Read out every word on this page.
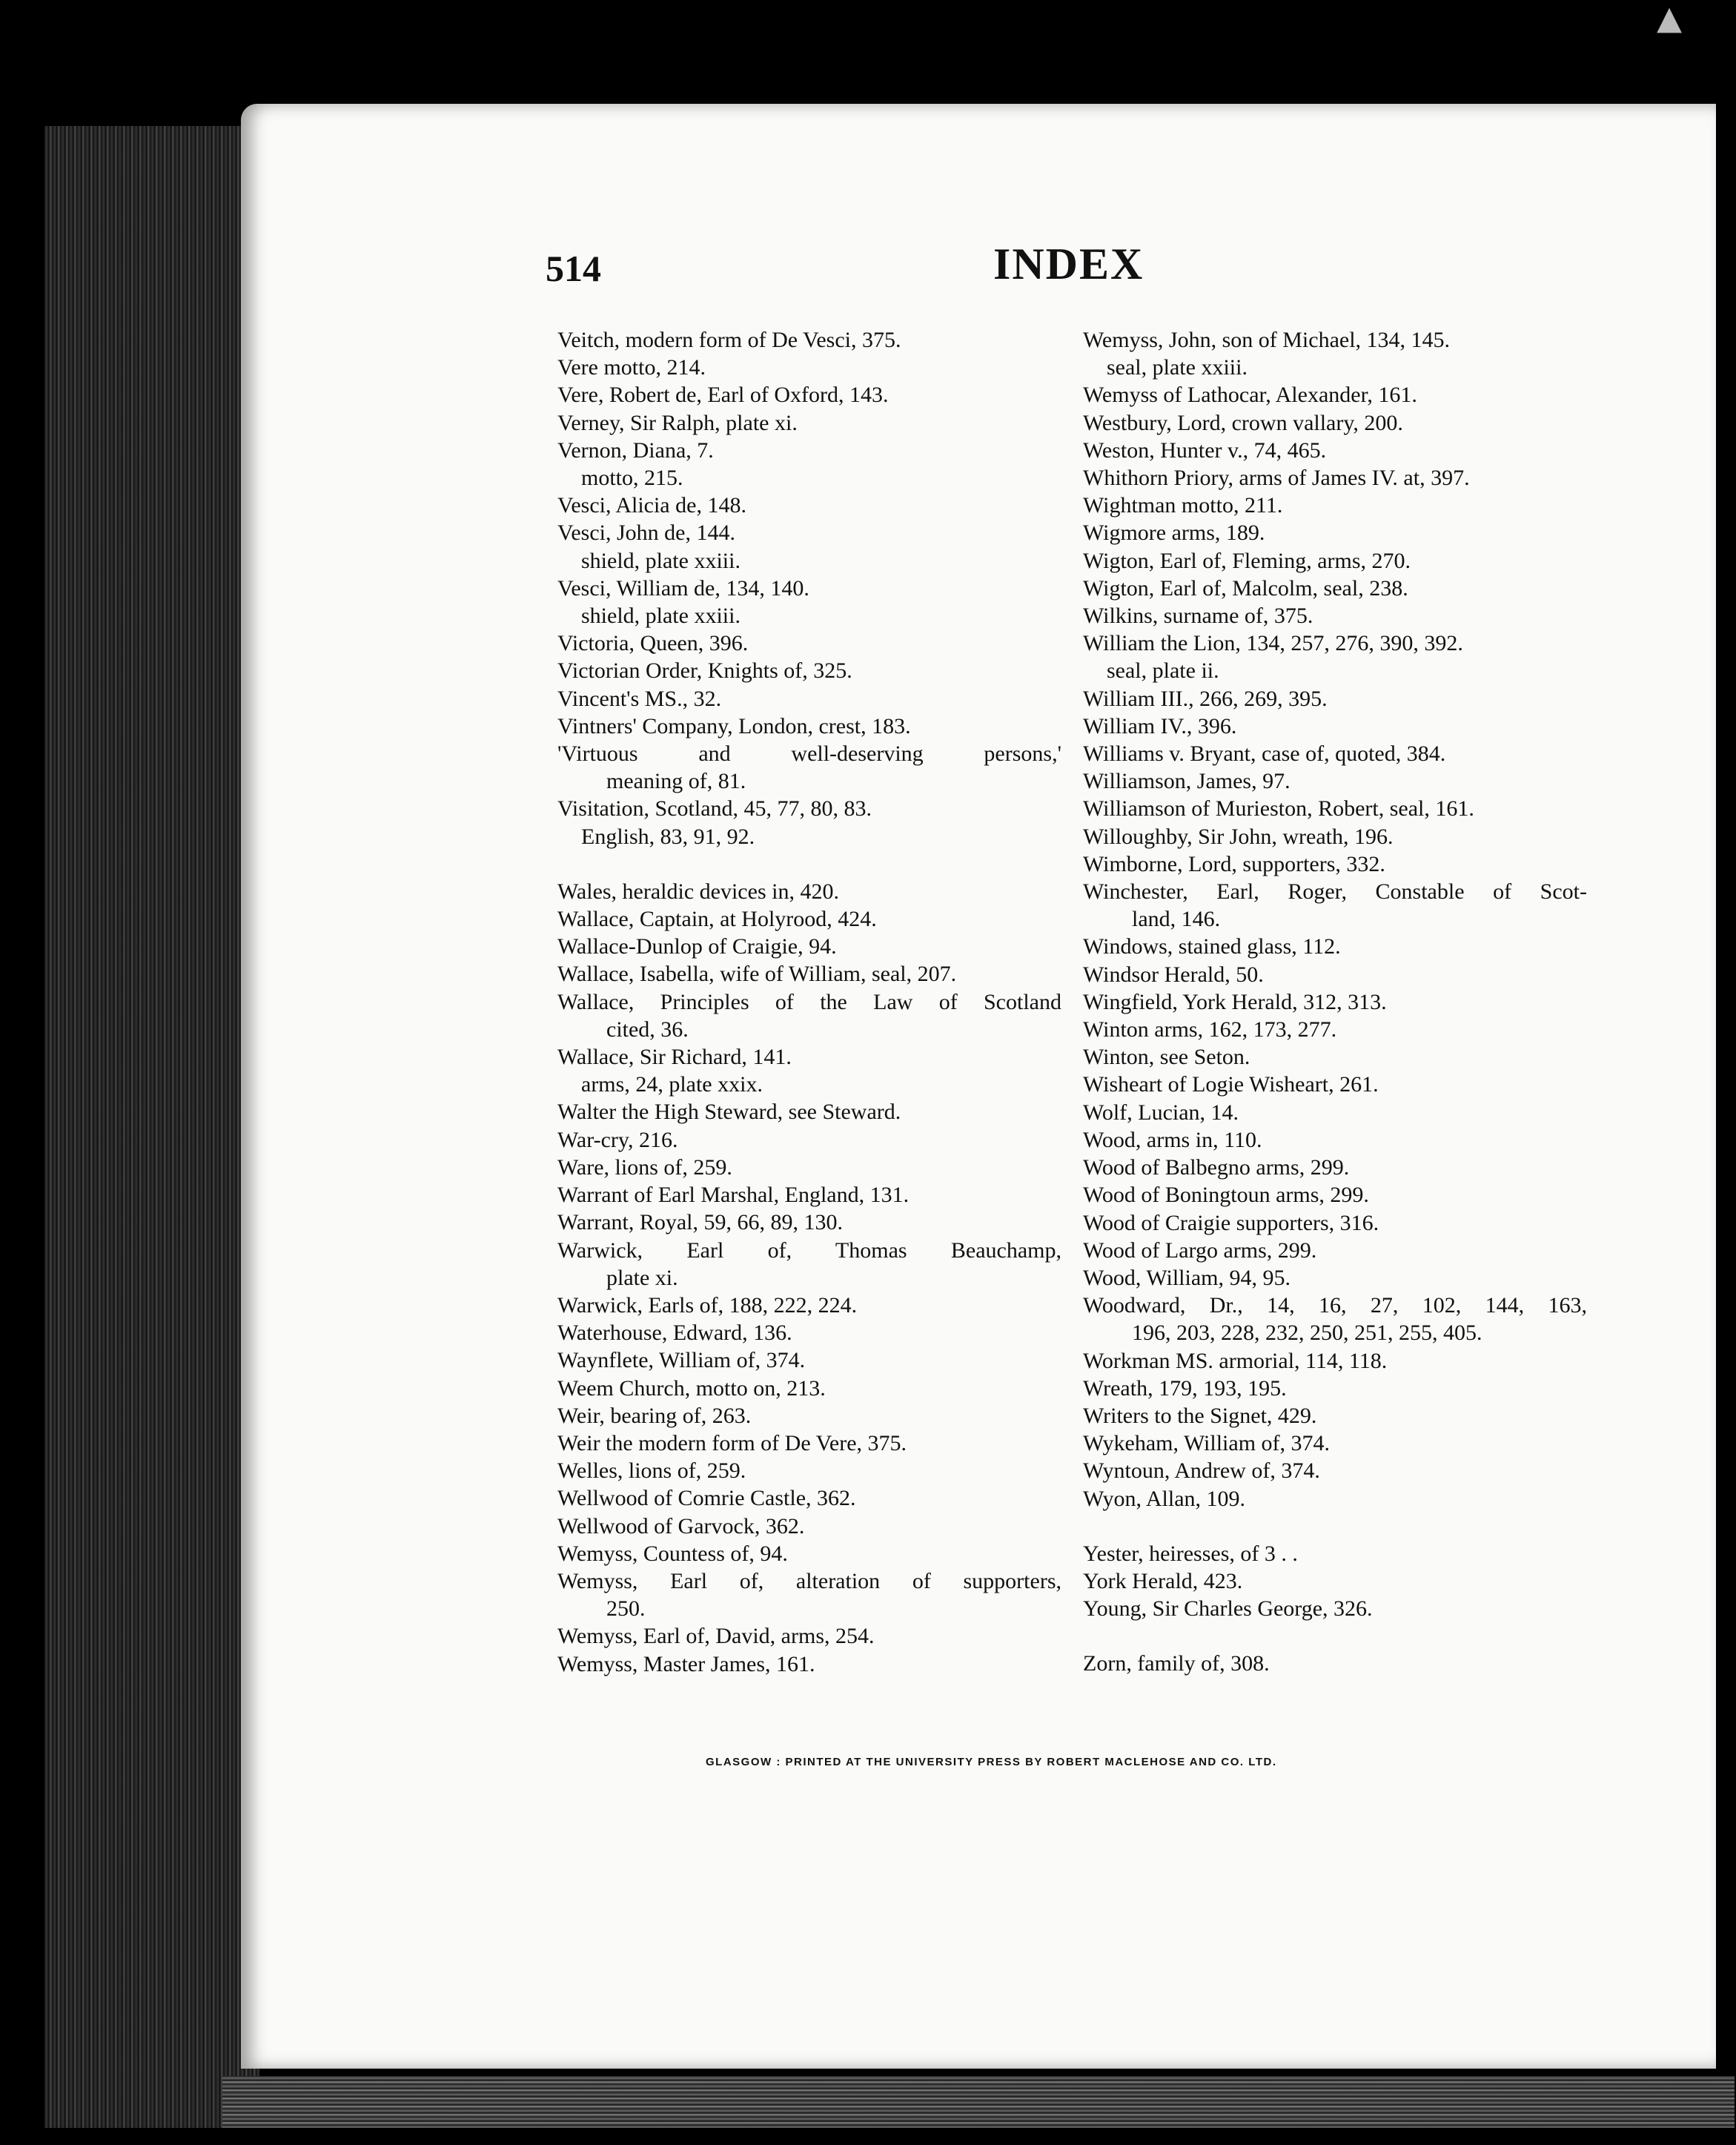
▲
514	INDEX
Veitch, modern form of De Vesci, 375.
Vere motto, 214.
Vere, Robert de, Earl of Oxford, 143.
Verney, Sir Ralph, plate xi.
Vernon, Diana, 7.
motto, 215.
Vesci, Alicia de, 148.
Vesci, John de, 144.
shield, plate xxiii.
Vesci, William de, 134, 140.
shield, plate xxiii.
Victoria, Queen, 396.
Victorian Order, Knights of, 325.
Vincent's MS., 32.
Vintners' Company, London, crest, 183.
'Virtuous and well-deserving persons,'
meaning of, 81.
Visitation, Scotland, 45, 77, 80, 83.
English, 83, 91, 92.
Wales, heraldic devices in, 420.
Wallace, Captain, at Holyrood, 424.
Wallace-Dunlop of Craigie, 94.
Wallace, Isabella, wife of William, seal, 207.
Wallace, Principles of the Law of Scotland
cited, 36.
Wallace, Sir Richard, 141.
arms, 24, plate xxix.
Walter the High Steward, see Steward.
War-cry, 216.
Ware, lions of, 259.
Warrant of Earl Marshal, England, 131.
Warrant, Royal, 59, 66, 89, 130.
Warwick, Earl of, Thomas Beauchamp,
plate xi.
Warwick, Earls of, 188, 222, 224.
Waterhouse, Edward, 136.
Waynflete, William of, 374.
Weem Church, motto on, 213.
Weir, bearing of, 263.
Weir the modern form of De Vere, 375.
Welles, lions of, 259.
Wellwood of Comrie Castle, 362.
Wellwood of Garvock, 362.
Wemyss, Countess of, 94.
Wemyss, Earl of, alteration of supporters,
250.
Wemyss, Earl of, David, arms, 254.
Wemyss, Master James, 161.
Wemyss, John, son of Michael, 134, 145.
seal, plate xxiii.
Wemyss of Lathocar, Alexander, 161.
Westbury, Lord, crown vallary, 200.
Weston, Hunter v., 74, 465.
Whithorn Priory, arms of James IV. at, 397.
Wightman motto, 211.
Wigmore arms, 189.
Wigton, Earl of, Fleming, arms, 270.
Wigton, Earl of, Malcolm, seal, 238.
Wilkins, surname of, 375.
William the Lion, 134, 257, 276, 390, 392.
seal, plate ii.
William III., 266, 269, 395.
William IV., 396.
Williams v. Bryant, case of, quoted, 384.
Williamson, James, 97.
Williamson of Murieston, Robert, seal, 161.
Willoughby, Sir John, wreath, 196.
Wimborne, Lord, supporters, 332.
Winchester, Earl, Roger, Constable of Scot-
land, 146.
Windows, stained glass, 112.
Windsor Herald, 50.
Wingfield, York Herald, 312, 313.
Winton arms, 162, 173, 277.
Winton, see Seton.
Wisheart of Logie Wisheart, 261.
Wolf, Lucian, 14.
Wood, arms in, 110.
Wood of Balbegno arms, 299.
Wood of Boningtoun arms, 299.
Wood of Craigie supporters, 316.
Wood of Largo arms, 299.
Wood, William, 94, 95.
Woodward, Dr., 14, 16, 27, 102, 144, 163,
196, 203, 228, 232, 250, 251, 255, 405.
Workman MS. armorial, 114, 118.
Wreath, 179, 193, 195.
Writers to the Signet, 429.
Wykeham, William of, 374.
Wyntoun, Andrew of, 374.
Wyon, Allan, 109.
Yester, heiresses, of 3 . .
York Herald, 423.
Young, Sir Charles George, 326.
Zorn, family of, 308.
GLASGOW : PRINTED AT THE UNIVERSITY PRESS BY ROBERT MACLEHOSE AND CO. LTD.
